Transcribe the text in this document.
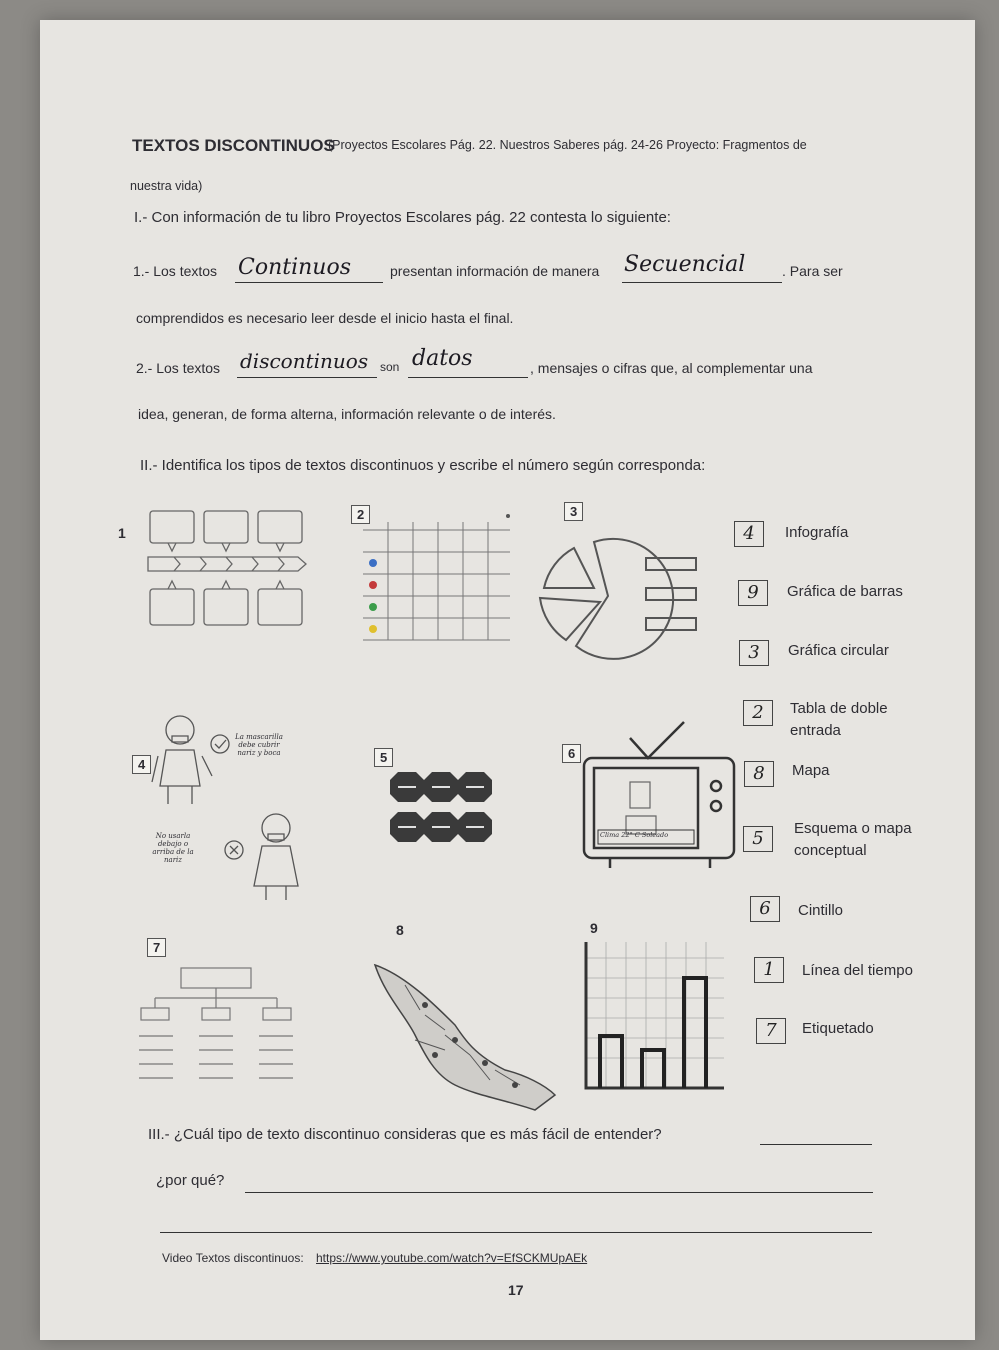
TEXTOS DISCONTINUOS
(Proyectos Escolares Pág. 22. Nuestros Saberes pág. 24-26 Proyecto: Fragmentos de
nuestra vida)
I.- Con información de tu libro Proyectos Escolares pág. 22 contesta lo siguiente:
1.- Los textos Continuos	presentan información de manera Secuencial	. Para ser
comprendidos es necesario leer desde el inicio hasta el final.
2.- Los textos discontinuos son datos	, mensajes o cifras que, al complementar una
idea, generan, de forma alterna, información relevante o de interés.
II.- Identifica los tipos de textos discontinuos y escribe el número según corresponda:
1
2	3
4
La mascarilla debe cubrir nariz y boca
No usarla debajo o arriba de la nariz
5	6
Clima 22° C Soleado
7
8	9
4	Infografía
9	Gráfica de barras
3	Gráfica circular
2	Tabla de doble entrada
8	Mapa
5	Esquema o mapa conceptual
6	Cintillo
1	Línea del tiempo
7	Etiquetado
III.- ¿Cuál tipo de texto discontinuo consideras que es más fácil de entender?
¿por qué?
Video Textos discontinuos: https://www.youtube.com/watch?v=EfSCKMUpAEk
17
